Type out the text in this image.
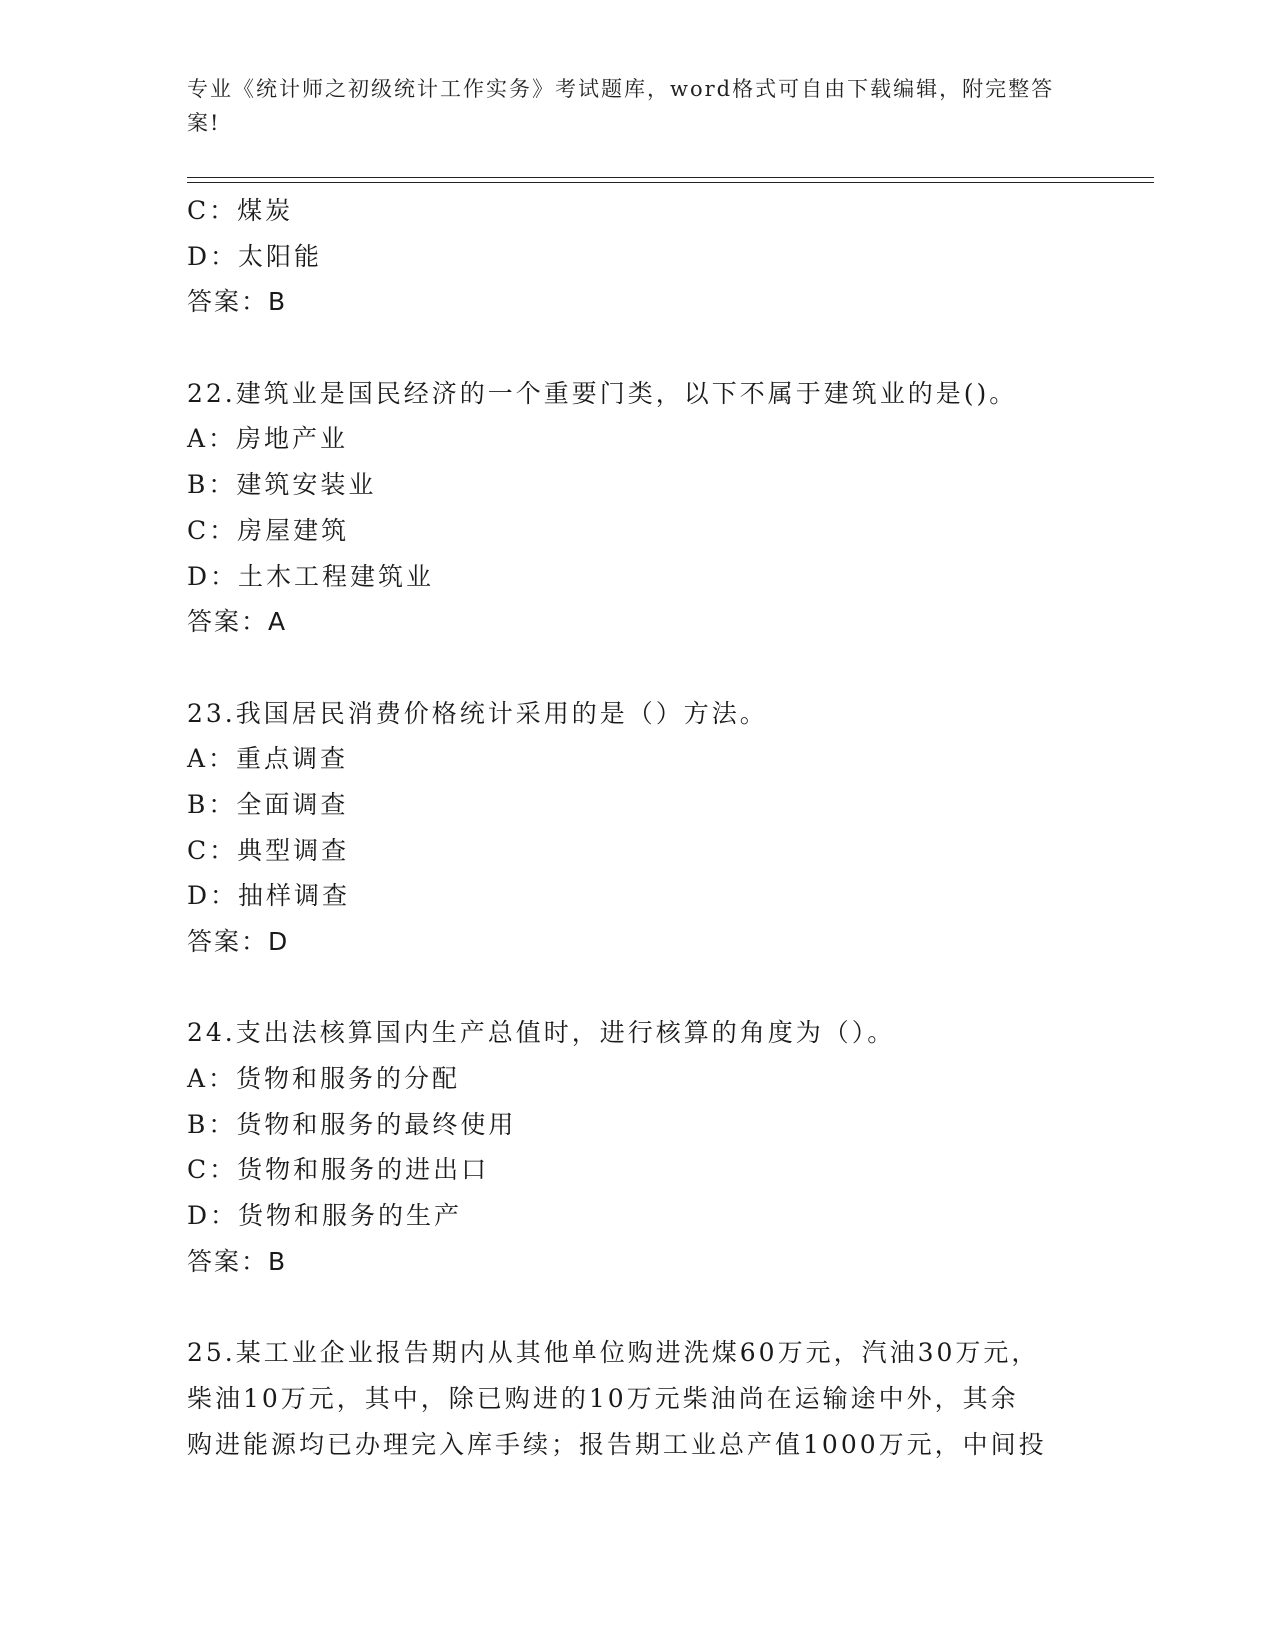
专业《统计师之初级统计工作实务》考试题库，word格式可自由下载编辑，附完整答案!
C：煤炭
D：太阳能
答案：B
22.建筑业是国民经济的一个重要门类，以下不属于建筑业的是()。
A：房地产业
B：建筑安装业
C：房屋建筑
D：土木工程建筑业
答案：A
23.我国居民消费价格统计采用的是（）方法。
A：重点调查
B：全面调查
C：典型调查
D：抽样调查
答案：D
24.支出法核算国内生产总值时，进行核算的角度为（）。
A：货物和服务的分配
B：货物和服务的最终使用
C：货物和服务的进出口
D：货物和服务的生产
答案：B
25.某工业企业报告期内从其他单位购进洗煤60万元，汽油30万元，
柴油10万元，其中，除已购进的10万元柴油尚在运输途中外，其余
购进能源均已办理完入库手续；报告期工业总产值1000万元，中间投
